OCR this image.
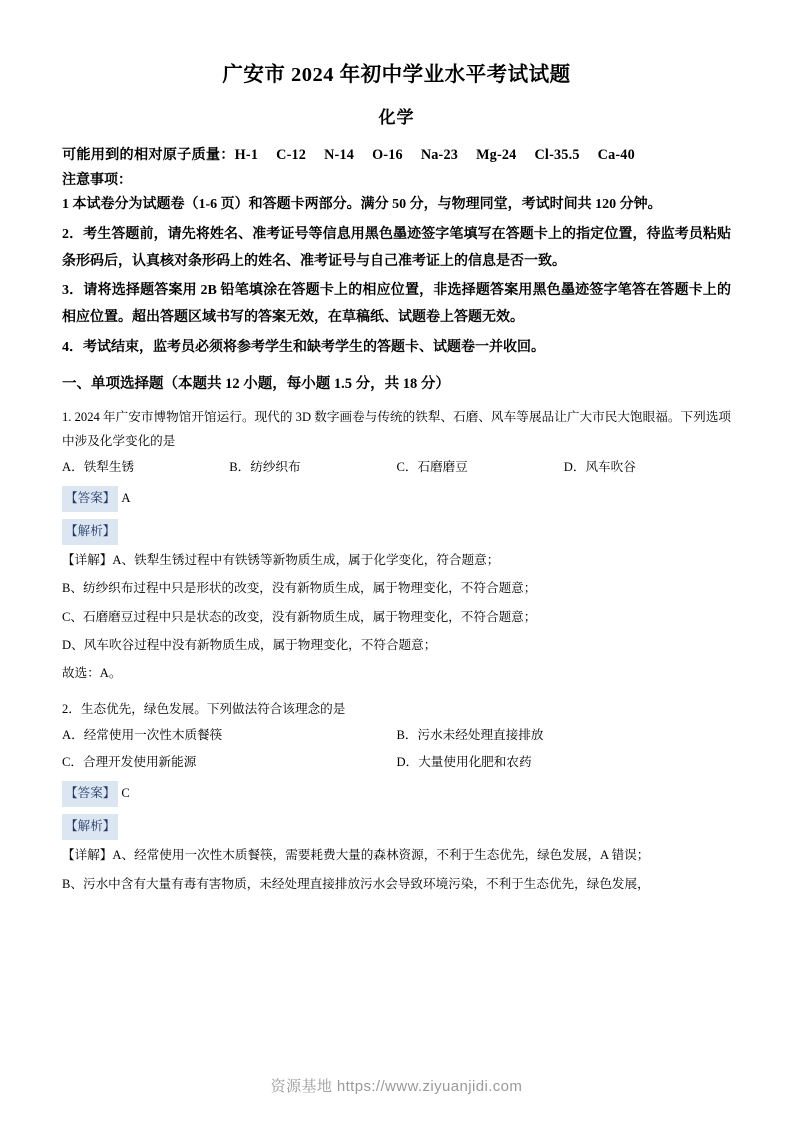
广安市 2024 年初中学业水平考试试题
化学
可能用到的相对原子质量：H-1 C-12 N-14 O-16 Na-23 Mg-24 Cl-35.5 Ca-40
注意事项：
1 本试卷分为试题卷（1-6 页）和答题卡两部分。满分 50 分，与物理同堂，考试时间共 120 分钟。
2．考生答题前，请先将姓名、准考证号等信息用黑色墨迹签字笔填写在答题卡上的指定位置，待监考员粘贴条形码后，认真核对条形码上的姓名、准考证号与自己准考证上的信息是否一致。
3．请将选择题答案用 2B 铅笔填涂在答题卡上的相应位置，非选择题答案用黑色墨迹签字笔答在答题卡上的相应位置。超出答题区域书写的答案无效，在草稿纸、试题卷上答题无效。
4．考试结束，监考员必须将参考学生和缺考学生的答题卡、试题卷一并收回。
一、单项选择题（本题共 12 小题，每小题 1.5 分，共 18 分）
1. 2024 年广安市博物馆开馆运行。现代的 3D 数字画卷与传统的铁犁、石磨、风车等展品让广大市民大饱眼福。下列选项中涉及化学变化的是
A．铁犁生锈	B．纺纱织布	C．石磨磨豆	D．风车吹谷
【答案】 A
【解析】
【详解】A、铁犁生锈过程中有铁锈等新物质生成，属于化学变化，符合题意；
B、纺纱织布过程中只是形状的改变，没有新物质生成，属于物理变化，不符合题意；
C、石磨磨豆过程中只是状态的改变，没有新物质生成，属于物理变化，不符合题意；
D、风车吹谷过程中没有新物质生成，属于物理变化，不符合题意；
故选：A。
2．生态优先，绿色发展。下列做法符合该理念的是
A．经常使用一次性木质餐筷	B．污水未经处理直接排放
C．合理开发使用新能源	D．大量使用化肥和农药
【答案】 C
【解析】
【详解】A、经常使用一次性木质餐筷，需要耗费大量的森林资源，不利于生态优先，绿色发展，A 错误；
B、污水中含有大量有毒有害物质，未经处理直接排放污水会导致环境污染，不利于生态优先，绿色发展，
资源基地 https://www.ziyuanjidi.com
